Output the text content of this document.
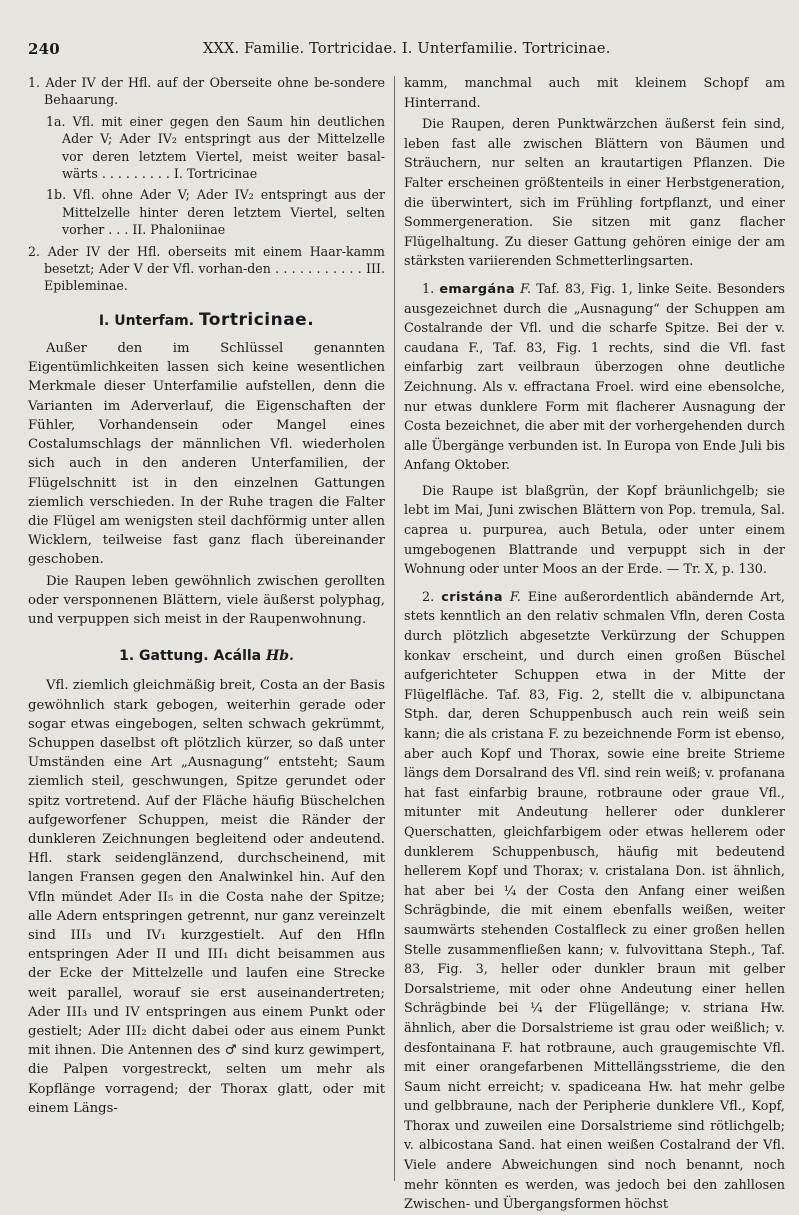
240	XXX. Familie. Tortricidae. I. Unterfamilie. Tortricinae.

1. Ader IV der Hfl. auf der Oberseite ohne be-sondere Behaarung.

1a. Vfl. mit einer gegen den Saum hin deutlichen Ader V; Ader IV₂ entspringt aus der Mittelzelle vor deren letztem Viertel, meist weiter basal-wärts . . . . . . . . . I. Tortricinae

1b. Vfl. ohne Ader V; Ader IV₂ entspringt aus der Mittelzelle hinter deren letztem Viertel, selten vorher . . . II. Phaloniinae

2. Ader IV der Hfl. oberseits mit einem Haar-kamm besetzt; Ader V der Vfl. vorhan-den . . . . . . . . . . . III. Epibleminae.

I. Unterfam. Tortricinae.

Außer den im Schlüssel genannten Eigentümlichkeiten lassen sich keine wesentlichen Merkmale dieser Unterfamilie aufstellen, denn die Varianten im Aderverlauf, die Eigenschaften der Fühler, Vorhandensein oder Mangel eines Costalumschlags der männlichen Vfl. wiederholen sich auch in den anderen Unterfamilien, der Flügelschnitt ist in den einzelnen Gattungen ziemlich verschieden. In der Ruhe tragen die Falter die Flügel am wenigsten steil dachförmig unter allen Wicklern, teilweise fast ganz flach übereinander geschoben.

Die Raupen leben gewöhnlich zwischen gerollten oder versponnenen Blättern, viele äußerst polyphag, und verpuppen sich meist in der Raupenwohnung.

1. Gattung. Acálla Hb.

Vfl. ziemlich gleichmäßig breit, Costa an der Basis gewöhnlich stark gebogen, weiterhin gerade oder sogar etwas eingebogen, selten schwach gekrümmt, Schuppen daselbst oft plötzlich kürzer, so daß unter Umständen eine Art „Ausnagung“ entsteht; Saum ziemlich steil, geschwungen, Spitze gerundet oder spitz vortretend. Auf der Fläche häufig Büschelchen aufgeworfener Schuppen, meist die Ränder der dunkleren Zeichnungen begleitend oder andeutend. Hfl. stark seidenglänzend, durchscheinend, mit langen Fransen gegen den Analwinkel hin. Auf den Vfln mündet Ader II₅ in die Costa nahe der Spitze; alle Adern entspringen getrennt, nur ganz vereinzelt sind III₃ und IV₁ kurzgestielt. Auf den Hfln entspringen Ader II und III₁ dicht beisammen aus der Ecke der Mittelzelle und laufen eine Strecke weit parallel, worauf sie erst auseinandertreten; Ader III₃ und IV entspringen aus einem Punkt oder gestielt; Ader III₂ dicht dabei oder aus einem Punkt mit ihnen. Die Antennen des ♂ sind kurz gewimpert, die Palpen vorgestreckt, selten um mehr als Kopflänge vorragend; der Thorax glatt, oder mit einem Längs-

kamm, manchmal auch mit kleinem Schopf am Hinterrand.

Die Raupen, deren Punktwärzchen äußerst fein sind, leben fast alle zwischen Blättern von Bäumen und Sträuchern, nur selten an krautartigen Pflanzen. Die Falter erscheinen größtenteils in einer Herbstgeneration, die überwintert, sich im Frühling fortpflanzt, und einer Sommergeneration. Sie sitzen mit ganz flacher Flügelhaltung. Zu dieser Gattung gehören einige der am stärksten variierenden Schmetterlingsarten.

1. emargána F. Taf. 83, Fig. 1, linke Seite. Besonders ausgezeichnet durch die „Ausnagung“ der Schuppen am Costalrande der Vfl. und die scharfe Spitze. Bei der v. caudana F., Taf. 83, Fig. 1 rechts, sind die Vfl. fast einfarbig zart veilbraun überzogen ohne deutliche Zeichnung. Als v. effractana Froel. wird eine ebensolche, nur etwas dunklere Form mit flacherer Ausnagung der Costa bezeichnet, die aber mit der vorhergehenden durch alle Übergänge verbunden ist. In Europa von Ende Juli bis Anfang Oktober.

Die Raupe ist blaßgrün, der Kopf bräunlichgelb; sie lebt im Mai, Juni zwischen Blättern von Pop. tremula, Sal. caprea u. purpurea, auch Betula, oder unter einem umgebogenen Blattrande und verpuppt sich in der Wohnung oder unter Moos an der Erde. — Tr. X, p. 130.

2. cristána F. Eine außerordentlich abändernde Art, stets kenntlich an den relativ schmalen Vfln, deren Costa durch plötzlich abgesetzte Verkürzung der Schuppen konkav erscheint, und durch einen großen Büschel aufgerichteter Schuppen etwa in der Mitte der Flügelfläche. Taf. 83, Fig. 2, stellt die v. albipunctana Stph. dar, deren Schuppenbusch auch rein weiß sein kann; die als cristana F. zu bezeichnende Form ist ebenso, aber auch Kopf und Thorax, sowie eine breite Strieme längs dem Dorsalrand des Vfl. sind rein weiß; v. profanana hat fast einfarbig braune, rotbraune oder graue Vfl., mitunter mit Andeutung hellerer oder dunklerer Querschatten, gleichfarbigem oder etwas hellerem oder dunklerem Schuppenbusch, häufig mit bedeutend hellerem Kopf und Thorax; v. cristalana Don. ist ähnlich, hat aber bei ¼ der Costa den Anfang einer weißen Schrägbinde, die mit einem ebenfalls weißen, weiter saumwärts stehenden Costalfleck zu einer großen hellen Stelle zusammenfließen kann; v. fulvovittana Steph., Taf. 83, Fig. 3, heller oder dunkler braun mit gelber Dorsalstrieme, mit oder ohne Andeutung einer hellen Schrägbinde bei ¼ der Flügellänge; v. striana Hw. ähnlich, aber die Dorsalstrieme ist grau oder weißlich; v. desfontainana F. hat rotbraune, auch graugemischte Vfl. mit einer orangefarbenen Mittellängsstrieme, die den Saum nicht erreicht; v. spadiceana Hw. hat mehr gelbe und gelbbraune, nach der Peripherie dunklere Vfl., Kopf, Thorax und zuweilen eine Dorsalstrieme sind rötlichgelb; v. albicostana Sand. hat einen weißen Costalrand der Vfl. Viele andere Abweichungen sind noch benannt, noch mehr könnten es werden, was jedoch bei den zahllosen Zwischen- und Übergangsformen höchst
